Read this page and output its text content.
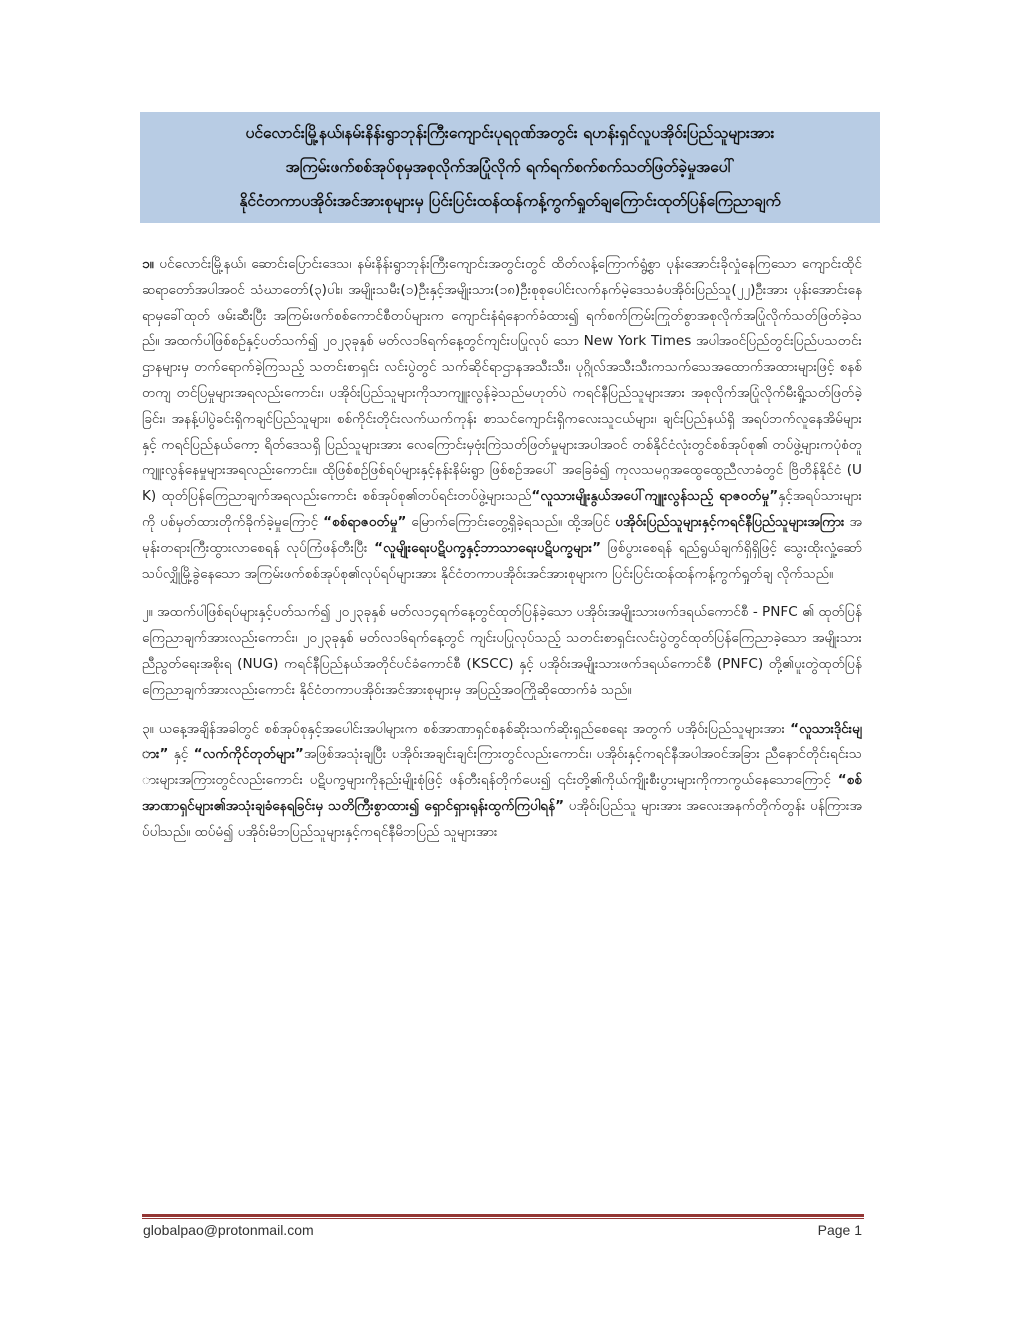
ပင်လောင်းမြို့နယ်၊နမ်းနိန်းရွာဘုန်းကြီးကျောင်းပုရဝုဏ်အတွင်း ရဟန်းရှင်လူပအိုဝ်းပြည်သူများအား
အကြမ်းဖက်စစ်အုပ်စုမှအစုလိုက်အပြုံလိုက် ရက်ရက်စက်စက်သတ်ဖြတ်ခဲ့မှုအပေါ်
နိုင်ငံတကာပအိုဝ်းအင်အားစုများမှ ပြင်းပြင်းထန်ထန်ကန့်ကွက်ရှုတ်ချကြောင်းထုတ်ပြန်ကြေညာချက်

၁။ ပင်လောင်းမြို့နယ်၊ ဆောင်းပြောင်းဒေသ၊ နမ်းနိန်းရွာဘုန်းကြီးကျောင်းအတွင်းတွင် ထိတ်လန့်ကြောက်ရွံ့စွာ ပုန်းအောင်းခိုလှုံနေကြသော ကျောင်းထိုင်ဆရာတော်အပါအဝင် သံဃာတော်(၃)ပါး၊ အမျိုးသမီး(၁)ဦးနှင့်အမျိုးသား(၁၈)ဦးစုစုပေါင်းလက်နက်မဲ့ဒေသခံပအိုဝ်းပြည်သူ(၂၂)ဦးအား ပုန်းအောင်းနေရာမှခေါ်ထုတ် ဖမ်းဆီးပြီး အကြမ်းဖက်စစ်ကောင်စီတပ်များက ကျောင်းနံရံနောက်ခံထား၍ ရက်စက်ကြမ်းကြုတ်စွာအစုလိုက်အပြုံလိုက်သတ်ဖြတ်ခဲ့သည်။ အထက်ပါဖြစ်စဉ်နှင့်ပတ်သက်၍ ၂၀၂၃ခုနှစ် မတ်လ၁၆ရက်နေ့တွင်ကျင်းပပြုလုပ် သော New York Times အပါအဝင်ပြည်တွင်းပြည်ပသတင်းဌာနများမှ တက်ရောက်ခဲ့ကြသည့် သတင်းစာရှင်း လင်းပွဲတွင် သက်ဆိုင်ရာဌာနအသီးသီး၊ ပုဂ္ဂိုလ်အသီးသီးကသက်သေအထောက်အထားများဖြင့် စနစ်တကျ တင်ပြမှုများအရလည်းကောင်း၊ ပအိုဝ်းပြည်သူများကိုသာကျူးလွန်ခဲ့သည်မဟုတ်ပဲ ကရင်နီပြည်သူများအား အစုလိုက်အပြုံလိုက်မီးရှို့သတ်ဖြတ်ခဲ့ခြင်း၊ အနန့်ပါပွဲခင်းရှိကချင်ပြည်သူများ၊ စစ်ကိုင်းတိုင်းလက်ယက်ကုန်း စာသင်ကျောင်းရှိကလေးသူငယ်များ၊ ချင်းပြည်နယ်ရှိ အရပ်ဘက်လူနေအိမ်များ နှင့် ကရင်ပြည်နယ်ကော့ ရိတ်ဒေသရှိ ပြည်သူများအား လေကြောင်းမှဗုံးကြဲသတ်ဖြတ်မှုများအပါအဝင် တစ်နိုင်ငံလုံးတွင်စစ်အုပ်စု၏ တပ်ဖွဲ့များကပုံစံတူကျူးလွန်နေမှုများအရလည်းကောင်း။ ထိုဖြစ်စဉ်ဖြစ်ရပ်များနှင့်နန်းနိမ်းရွာ ဖြစ်စဉ်အပေါ် အခြေခံ၍ ကုလသမဂ္ဂအထွေထွေညီလာခံတွင် ဗြိတိန်နိုင်ငံ (UK) ထုတ်ပြန်ကြေညာချက်အရလည်းကောင်း စစ်အုပ်စု၏တပ်ရင်းတပ်ဖွဲ့များသည်“လူသားမျိုးနွယ်အပေါ်ကျူးလွန်သည့် ရာဇဝတ်မှု”နှင့်အရပ်သားများကို ပစ်မှတ်ထားတိုက်ခိုက်ခဲ့မှုကြောင့် “စစ်ရာဇဝတ်မှု” မြောက်ကြောင်းတွေ့ရှိခဲ့ရသည်။ ထို့အပြင် ပအိုဝ်းပြည်သူများနှင့်ကရင်နီပြည်သူများအကြား အမုန်းတရားကြီးထွားလာစေရန် လုပ်ကြံဖန်တီးပြီး “လူမျိုးရေးပဋိပက္ခနှင့်ဘာသာရေးပဋိပက္ခများ” ဖြစ်ပွားစေရန် ရည်ရွယ်ချက်ရှိရှိဖြင့် သွေးထိုးလှုံ့ဆော်သပ်လျှိုမြို့ခွဲနေသော အကြမ်းဖက်စစ်အုပ်စု၏လုပ်ရပ်များအား နိုင်ငံတကာပအိုဝ်းအင်အားစုများက ပြင်းပြင်းထန်ထန်ကန့်ကွက်ရှုတ်ချ လိုက်သည်။

၂။ အထက်ပါဖြစ်ရပ်များနှင့်ပတ်သက်၍ ၂၀၂၃ခုနှစ် မတ်လ၁၄ရက်နေ့တွင်ထုတ်ပြန်ခဲ့သော ပအိုဝ်းအမျိုးသားဖက်ဒရယ်ကောင်စီ - PNFC ၏ ထုတ်ပြန်ကြေညာချက်အားလည်းကောင်း၊ ၂၀၂၃ခုနှစ် မတ်လ၁၆ရက်နေ့တွင် ကျင်းပပြုလုပ်သည့် သတင်းစာရှင်းလင်းပွဲတွင်ထုတ်ပြန်ကြေညာခဲ့သော အမျိုးသားညီညွတ်ရေးအစိုးရ (NUG) ကရင်နီပြည်နယ်အတိုင်ပင်ခံကောင်စီ (KSCC) နှင့် ပအိုဝ်းအမျိုးသားဖက်ဒရယ်ကောင်စီ (PNFC) တို့၏ပူးတွဲထုတ်ပြန်ကြေညာချက်အားလည်းကောင်း နိုင်ငံတကာပအိုဝ်းအင်အားစုများမှ အပြည့်အဝကြိုဆိုထောက်ခံ သည်။

၃။ ယနေ့အချိန်အခါတွင် စစ်အုပ်စုနှင့်အပေါင်းအပါများက စစ်အာဏာရှင်စနစ်ဆိုးသက်ဆိုးရှည်စေရေး အတွက် ပအိုဝ်းပြည်သူများအား “လူသားဒိုင်းများ” နှင့် “လက်ကိုင်တုတ်များ”အဖြစ်အသုံးချပြီး ပအိုဝ်းအချင်းချင်းကြားတွင်လည်းကောင်း၊ ပအိုဝ်းနှင့်ကရင်နီအပါအဝင်အခြား ညီနောင်တိုင်းရင်းသားများအကြားတွင်လည်းကောင်း ပဋိပက္ခများကိုနည်းမျိုးစုံဖြင့် ဖန်တီးရန်တိုက်ပေး၍ ၎င်းတို့၏ကိုယ်ကျိုးစီးပွားများကိုကာကွယ်နေသောကြောင့် “စစ်အာဏာရှင်များ၏အသုံးချခံနေရခြင်းမှ သတိကြီးစွာထား၍ ရှောင်ရှားရုန်းထွက်ကြပါရန်” ပအိုဝ်းပြည်သူ များအား အလေးအနက်တိုက်တွန်း ပန်ကြားအပ်ပါသည်။ ထပ်မံ၍ ပအိုဝ်းမိဘပြည်သူများနှင့်ကရင်နီမိဘပြည် သူများအား

globalpao@protonmail.com	Page 1
